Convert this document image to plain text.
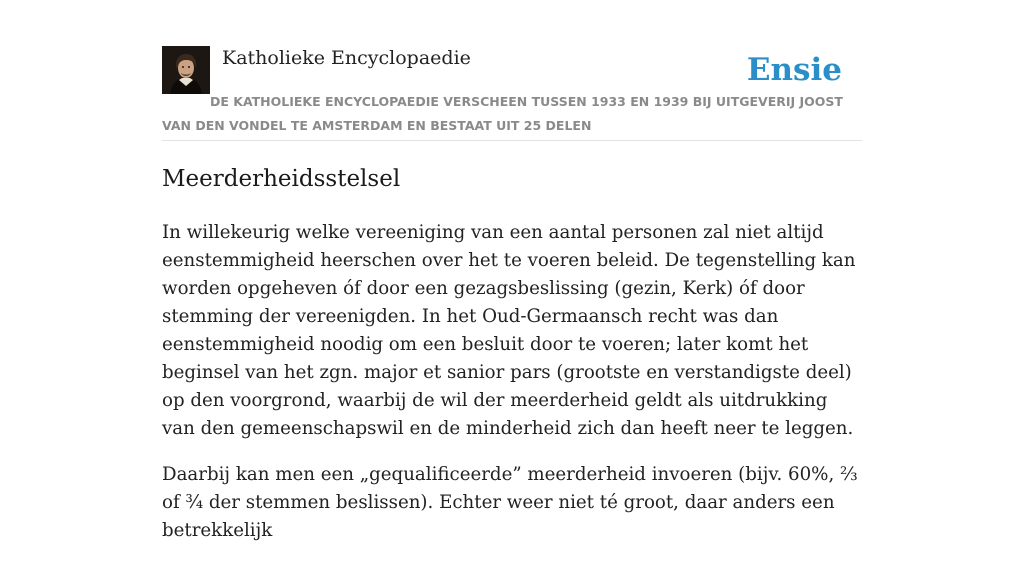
Katholieke Encyclopaedie	Ensie

DE KATHOLIEKE ENCYCLOPAEDIE VERSCHEEN TUSSEN 1933 EN 1939 BIJ UITGEVERIJ JOOST VAN DEN VONDEL TE AMSTERDAM EN BESTAAT UIT 25 DELEN

Meerderheidsstelsel

In willekeurig welke vereeniging van een aantal personen zal niet altijd eenstemmigheid heerschen over het te voeren beleid. De tegenstelling kan worden opgeheven óf door een gezagsbeslissing (gezin, Kerk) óf door stemming der vereenigden. In het Oud-Germaansch recht was dan eenstemmigheid noodig om een besluit door te voeren; later komt het beginsel van het zgn. major et sanior pars (grootste en verstandigste deel) op den voorgrond, waarbij de wil der meerderheid geldt als uitdrukking van den gemeenschapswil en de minderheid zich dan heeft neer te leggen.

Daarbij kan men een „gequalificeerde” meerderheid invoeren (bijv. 60%, ⅔ of ¾ der stemmen beslissen). Echter weer niet té groot, daar anders een betrekkelijk
